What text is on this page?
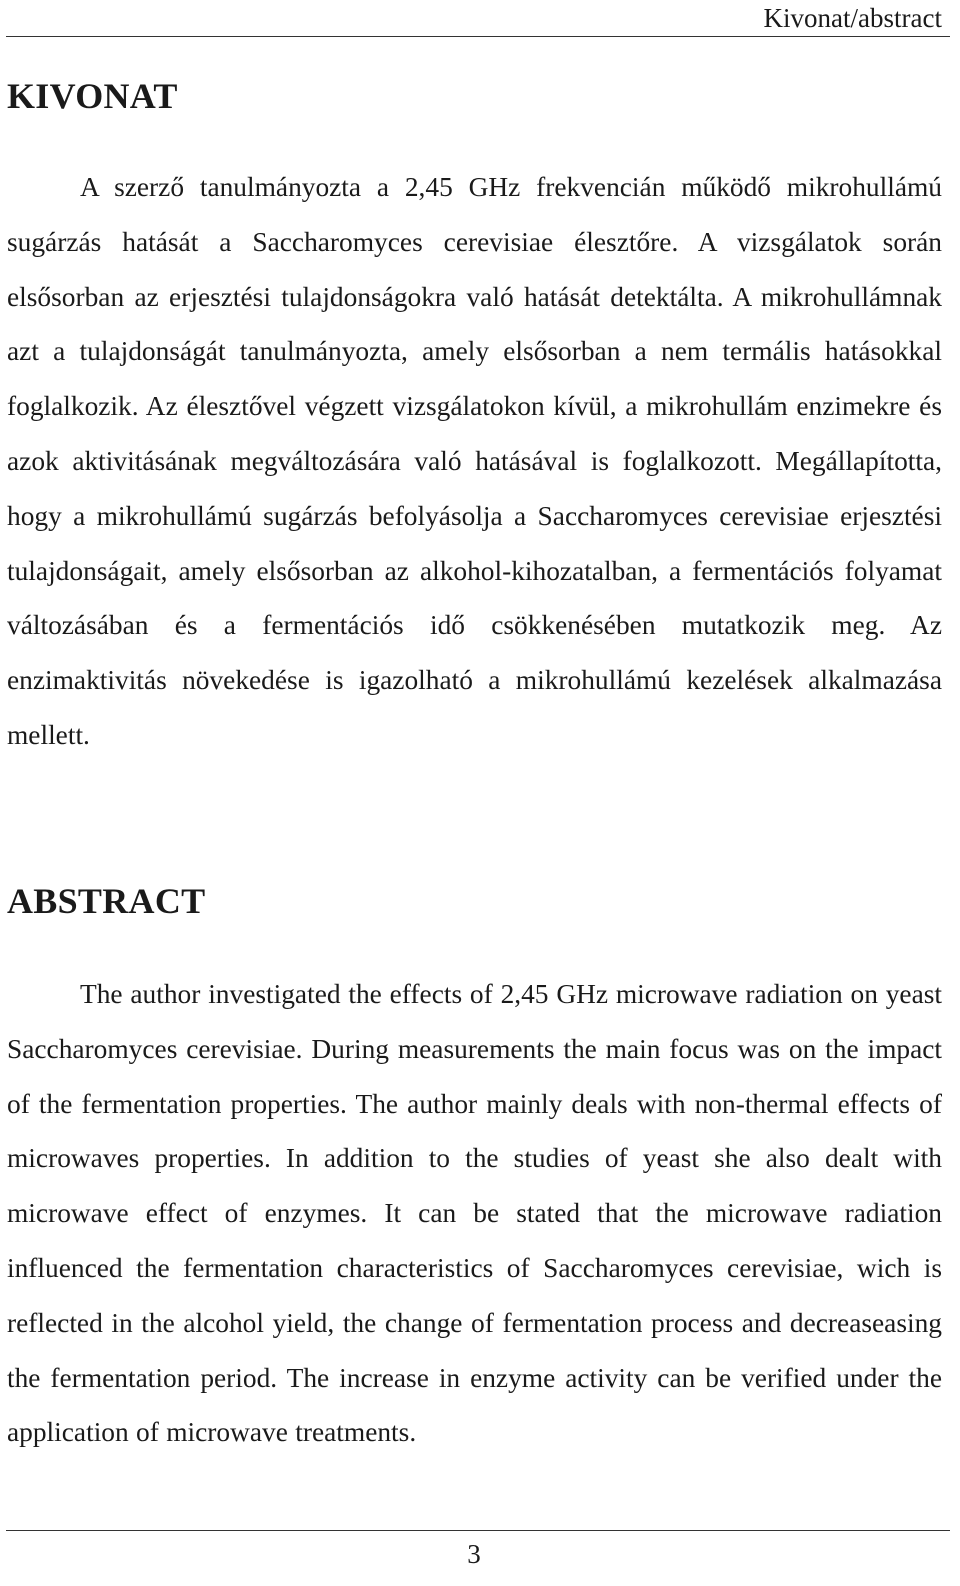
Kivonat/abstract
KIVONAT

A szerző tanulmányozta a 2,45 GHz frekvencián működő mikrohullámú sugárzás hatását a Saccharomyces cerevisiae élesztőre. A vizsgálatok során elsősorban az erjesztési tulajdonságokra való hatását detektálta. A mikrohullámnak azt a tulajdonságát tanulmányozta, amely elsősorban a nem termális hatásokkal foglalkozik. Az élesztővel végzett vizsgálatokon kívül, a mikrohullám enzimekre és azok aktivitásának megváltozására való hatásával is foglalkozott. Megállapította, hogy a mikrohullámú sugárzás befolyásolja a Saccharomyces cerevisiae erjesztési tulajdonságait, amely elsősorban az alkohol-kihozatalban, a fermentációs folyamat változásában és a fermentációs idő csökkenésében mutatkozik meg. Az enzimaktivitás növekedése is igazolható a mikrohullámú kezelések alkalmazása mellett.

ABSTRACT

The author investigated the effects of 2,45 GHz microwave radiation on yeast Saccharomyces cerevisiae. During measurements the main focus was on the impact of the fermentation properties. The author mainly deals with non-thermal effects of microwaves properties. In addition to the studies of yeast she also dealt with microwave effect of enzymes. It can be stated that the microwave radiation influenced the fermentation characteristics of Saccharomyces cerevisiae, wich is reflected in the alcohol yield, the change of fermentation process and decreaseasing the fermentation period. The increase in enzyme activity can be verified under the application of microwave treatments.

3
